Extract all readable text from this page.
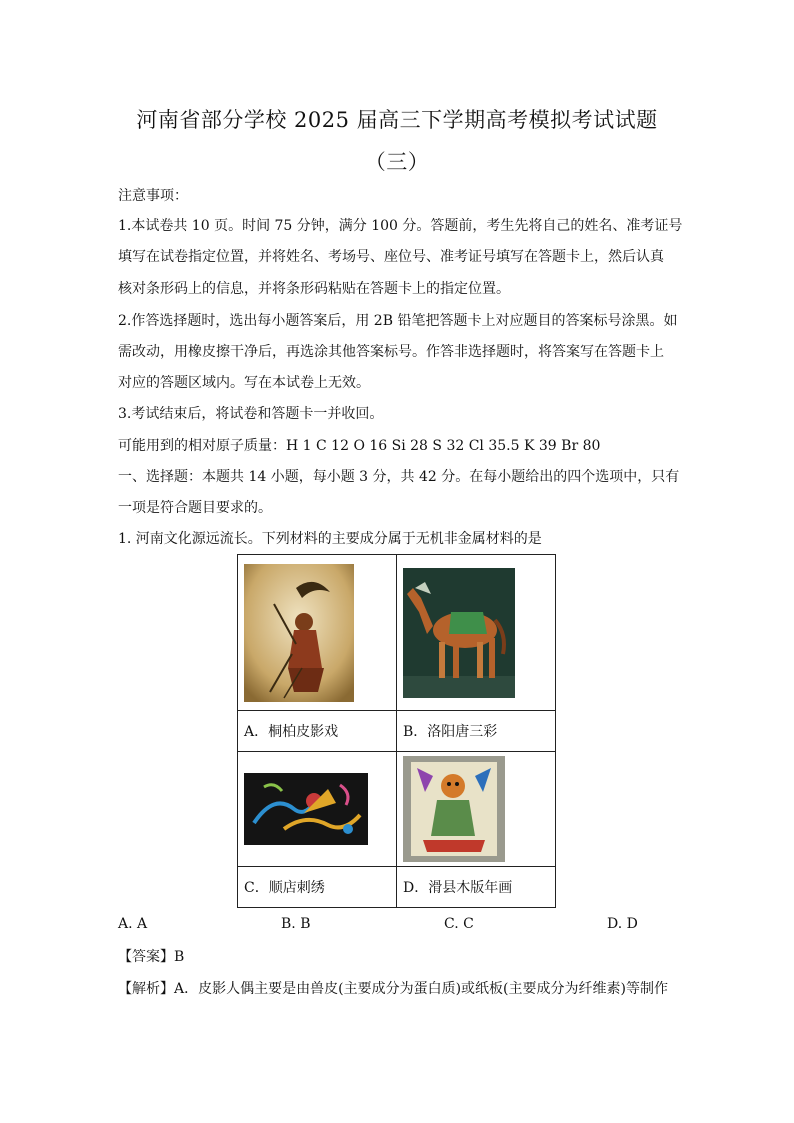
河南省部分学校 2025 届高三下学期高考模拟考试试题
（三）
注意事项：
1.本试卷共 10 页。时间 75 分钟，满分 100 分。答题前，考生先将自己的姓名、准考证号
填写在试卷指定位置，并将姓名、考场号、座位号、准考证号填写在答题卡上，然后认真
核对条形码上的信息，并将条形码粘贴在答题卡上的指定位置。
2.作答选择题时，选出每小题答案后，用 2B 铅笔把答题卡上对应题目的答案标号涂黑。如
需改动，用橡皮擦干净后，再选涂其他答案标号。作答非选择题时，将答案写在答题卡上
对应的答题区域内。写在本试卷上无效。
3.考试结束后，将试卷和答题卡一并收回。
可能用到的相对原子质量：H 1 C 12 O 16 Si 28 S 32 Cl 35.5 K 39 Br 80
一、选择题：本题共 14 小题，每小题 3 分，共 42 分。在每小题给出的四个选项中，只有
一项是符合题目要求的。
1. 河南文化源远流长。下列材料的主要成分属于无机非金属材料的是

A．桐柏皮影戏	B．洛阳唐三彩

C．顺店刺绣	D．滑县木版年画
A. A	B. B	C. C	D. D
【答案】B
【解析】A．皮影人偶主要是由兽皮(主要成分为蛋白质)或纸板(主要成分为纤维素)等制作
